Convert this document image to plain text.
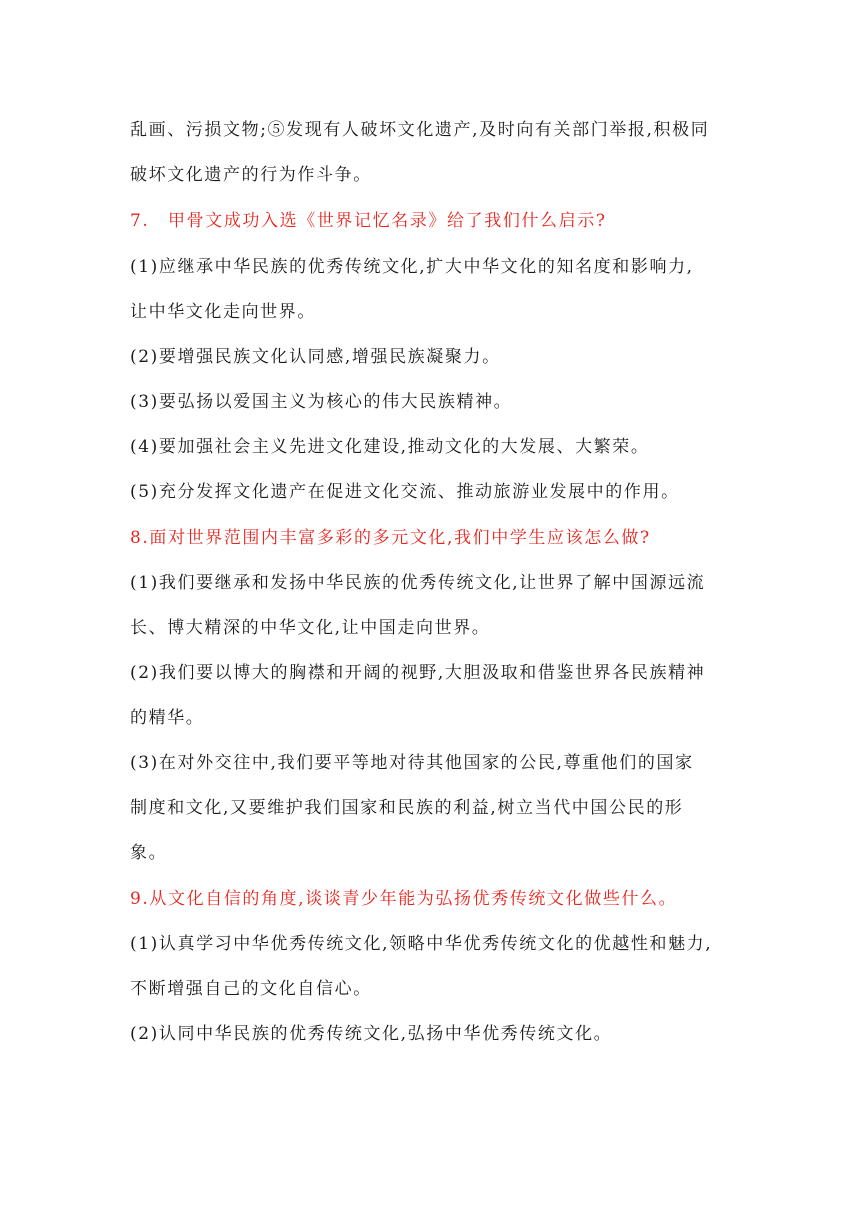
乱画、污损文物;⑤发现有人破坏文化遗产,及时向有关部门举报,积极同
破坏文化遗产的行为作斗争。
7.　甲骨文成功入选《世界记忆名录》给了我们什么启示?
(1)应继承中华民族的优秀传统文化,扩大中华文化的知名度和影响力,
让中华文化走向世界。
(2)要增强民族文化认同感,增强民族凝聚力。
(3)要弘扬以爱国主义为核心的伟大民族精神。
(4)要加强社会主义先进文化建设,推动文化的大发展、大繁荣。
(5)充分发挥文化遗产在促进文化交流、推动旅游业发展中的作用。
8.面对世界范围内丰富多彩的多元文化,我们中学生应该怎么做?
(1)我们要继承和发扬中华民族的优秀传统文化,让世界了解中国源远流
长、博大精深的中华文化,让中国走向世界。
(2)我们要以博大的胸襟和开阔的视野,大胆汲取和借鉴世界各民族精神
的精华。
(3)在对外交往中,我们要平等地对待其他国家的公民,尊重他们的国家
制度和文化,又要维护我们国家和民族的利益,树立当代中国公民的形
象。
9.从文化自信的角度,谈谈青少年能为弘扬优秀传统文化做些什么。
(1)认真学习中华优秀传统文化,领略中华优秀传统文化的优越性和魅力,
不断增强自己的文化自信心。
(2)认同中华民族的优秀传统文化,弘扬中华优秀传统文化。
